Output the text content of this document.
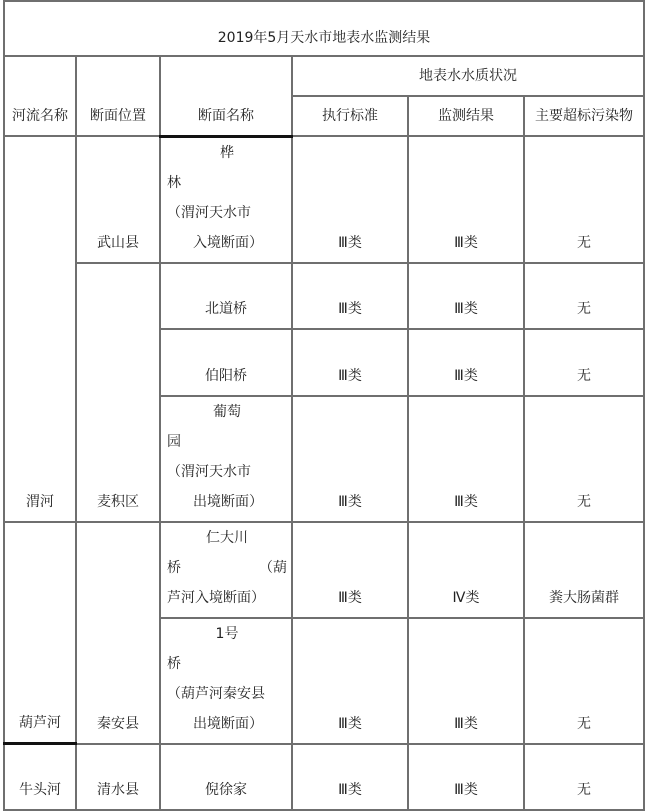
2019年5月天水市地表水监测结果					

河流名称	断面位置	断面名称	地表水水质状况		
			执行标准	监测结果	主要超标污染物

渭河	武山县	桦
林
（渭河天水市
入境断面）	Ⅲ类	Ⅲ类	无

	麦积区	北道桥	Ⅲ类	Ⅲ类	无

		伯阳桥	Ⅲ类	Ⅲ类	无

		葡萄
园
（渭河天水市
出境断面）	Ⅲ类	Ⅲ类	无

葫芦河	秦安县	仁大川
桥 （葫
芦河入境断面）	Ⅲ类	Ⅳ类	粪大肠菌群

		1号
桥
（葫芦河秦安县
出境断面）	Ⅲ类	Ⅲ类	无

牛头河	清水县	倪徐家	Ⅲ类	Ⅲ类	无
